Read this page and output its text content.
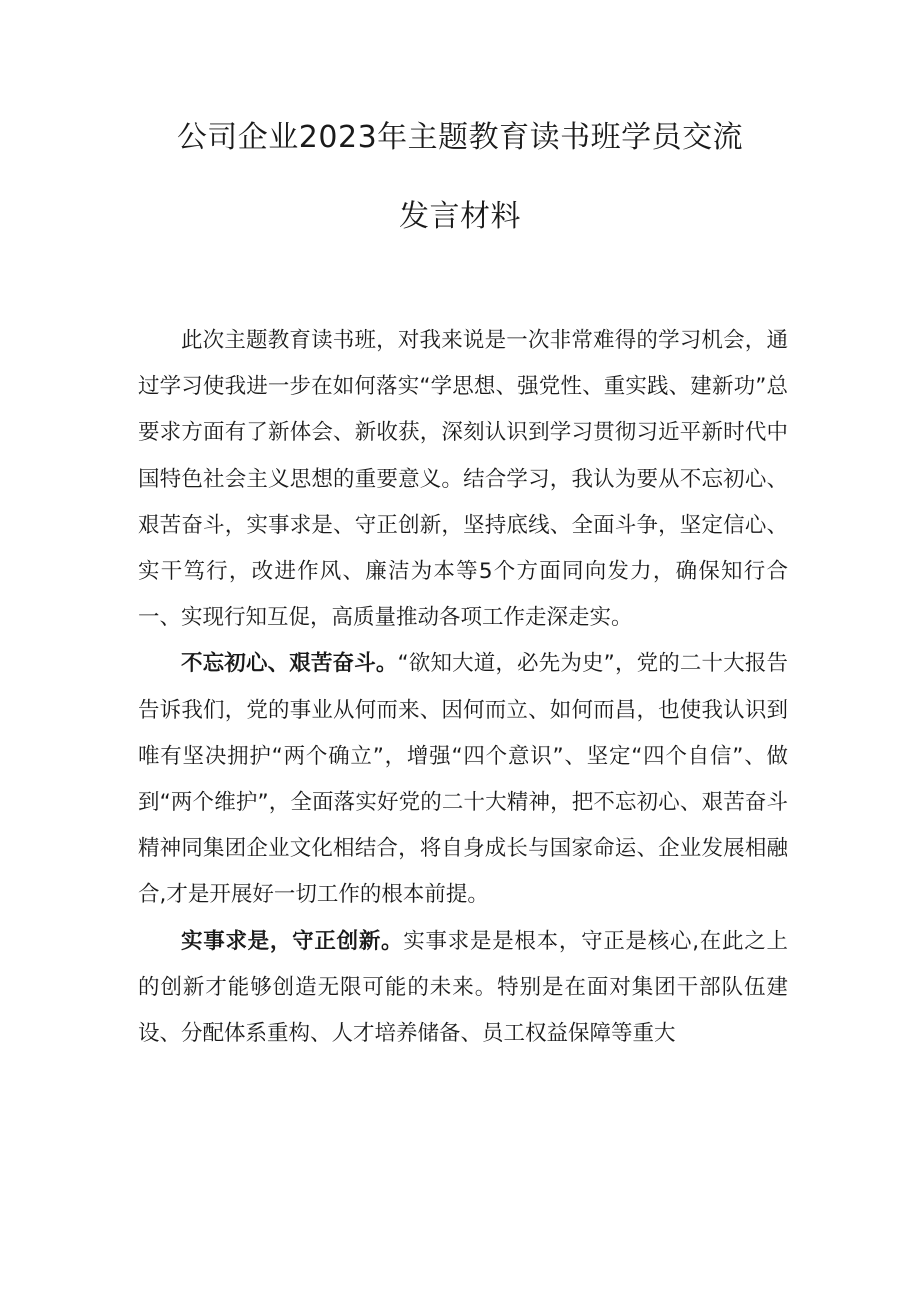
公司企业2023年主题教育读书班学员交流
发言材料

此次主题教育读书班，对我来说是一次非常难得的学习机会，通过学习使我进一步在如何落实“学思想、强党性、重实践、建新功”总要求方面有了新体会、新收获，深刻认识到学习贯彻习近平新时代中国特色社会主义思想的重要意义。结合学习，我认为要从不忘初心、艰苦奋斗，实事求是、守正创新，坚持底线、全面斗争，坚定信心、实干笃行，改进作风、廉洁为本等5个方面同向发力，确保知行合一、实现行知互促，高质量推动各项工作走深走实。

不忘初心、艰苦奋斗。“欲知大道，必先为史”，党的二十大报告告诉我们，党的事业从何而来、因何而立、如何而昌，也使我认识到唯有坚决拥护“两个确立”，增强“四个意识”、坚定“四个自信”、做到“两个维护”，全面落实好党的二十大精神，把不忘初心、艰苦奋斗精神同集团企业文化相结合，将自身成长与国家命运、企业发展相融合,才是开展好一切工作的根本前提。

实事求是，守正创新。实事求是是根本，守正是核心,在此之上的创新才能够创造无限可能的未来。特别是在面对集团干部队伍建设、分配体系重构、人才培养储备、员工权益保障等重大
